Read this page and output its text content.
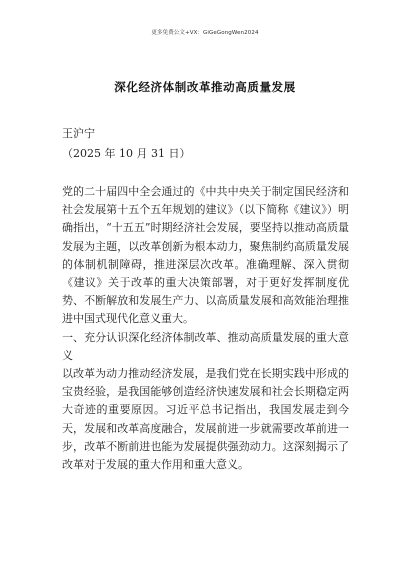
更多免费公文+VX：GiGeGongWen2024
深化经济体制改革推动高质量发展
王沪宁
（2025 年 10 月 31 日）

党的二十届四中全会通过的《中共中央关于制定国民经济和社会发展第十五个五年规划的建议》（以下简称《建议》）明确指出，“十五五”时期经济社会发展，要坚持以推动高质量发展为主题，以改革创新为根本动力，聚焦制约高质量发展的体制机制障碍，推进深层次改革。准确理解、深入贯彻《建议》关于改革的重大决策部署，对于更好发挥制度优势、不断解放和发展生产力、以高质量发展和高效能治理推进中国式现代化意义重大。

一、充分认识深化经济体制改革、推动高质量发展的重大意义

以改革为动力推动经济发展，是我们党在长期实践中形成的宝贵经验，是我国能够创造经济快速发展和社会长期稳定两大奇迹的重要原因。习近平总书记指出，我国发展走到今天，发展和改革高度融合，发展前进一步就需要改革前进一步，改革不断前进也能为发展提供强劲动力。这深刻揭示了改革对于发展的重大作用和重大意义。
